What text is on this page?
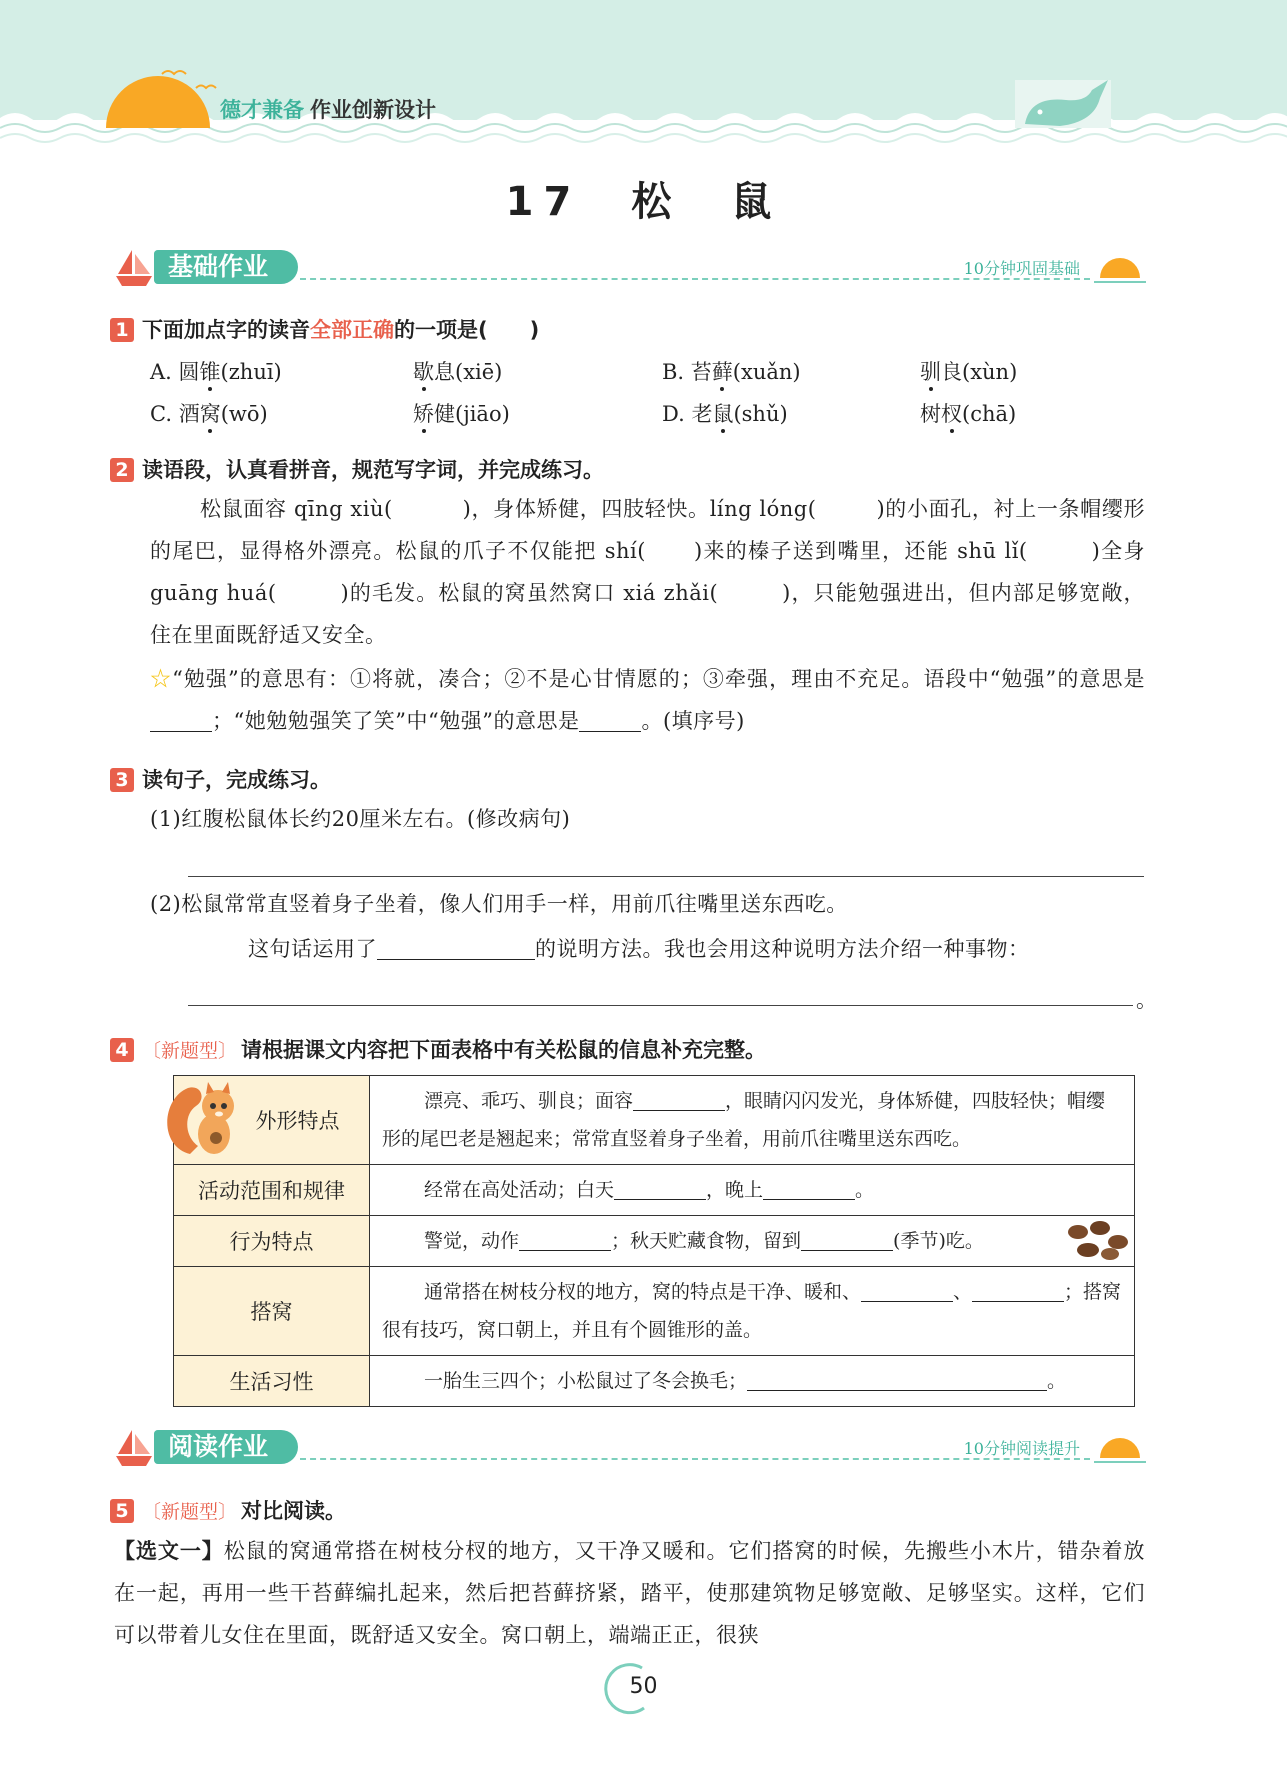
德才兼备 作业创新设计
17　松　鼠
基础作业	10分钟巩固基础
1 下面加点字的读音全部正确的一项是(　　)
A. 圆锥(zhuī)	歇息(xiē)	B. 苔藓(xuǎn)	驯良(xùn)
C. 酒窝(wō)	矫健(jiāo)	D. 老鼠(shǔ)	树杈(chā)
2 读语段，认真看拼音，规范写字词，并完成练习。
松鼠面容 qīng xiù(	)，身体矫健，四肢轻快。líng lóng(	)的小面孔，衬上一条帽缨形的尾巴，显得格外漂亮。松鼠的爪子不仅能把 shí( )来的榛子送到嘴里，还能 shū lǐ(	)全身 guāng huá(	)的毛发。松鼠的窝虽然窝口 xiá zhǎi(	)，只能勉强进出，但内部足够宽敞，住在里面既舒适又安全。
☆“勉强”的意思有：①将就，凑合；②不是心甘情愿的；③牵强，理由不充足。语段中“勉强”的意思是；“她勉勉强笑了笑”中“勉强”的意思是	。(填序号)
3 读句子，完成练习。
(1)红腹松鼠体长约20厘米左右。(修改病句)
(2)松鼠常常直竖着身子坐着，像人们用手一样，用前爪往嘴里送东西吃。
这句话运用了	的说明方法。我也会用这种说明方法介绍一种事物：
。
4 〔新题型〕 请根据课文内容把下面表格中有关松鼠的信息补充完整。
外形特点	漂亮、乖巧、驯良；面容 ，眼睛闪闪发光，身体矫健，四肢轻快；帽缨形的尾巴老是翘起来；常常直竖着身子坐着，用前爪往嘴里送东西吃。
活动范围和规律	经常在高处活动；白天 ，晚上 。
行为特点	警觉，动作 ；秋天贮藏食物，留到 (季节)吃。

搭窝	通常搭在树枝分杈的地方，窝的特点是干净、暖和、 、 ；搭窝很有技巧，窝口朝上，并且有个圆锥形的盖。
生活习性	一胎生三四个；小松鼠过了冬会换毛； 。
阅读作业	10分钟阅读提升
5 〔新题型〕 对比阅读。
【选文一】松鼠的窝通常搭在树枝分杈的地方，又干净又暖和。它们搭窝的时候，先搬些小木片，错杂着放在一起，再用一些干苔藓编扎起来，然后把苔藓挤紧，踏平，使那建筑物足够宽敞、足够坚实。这样，它们可以带着儿女住在里面，既舒适又安全。窝口朝上，端端正正，很狭
50
